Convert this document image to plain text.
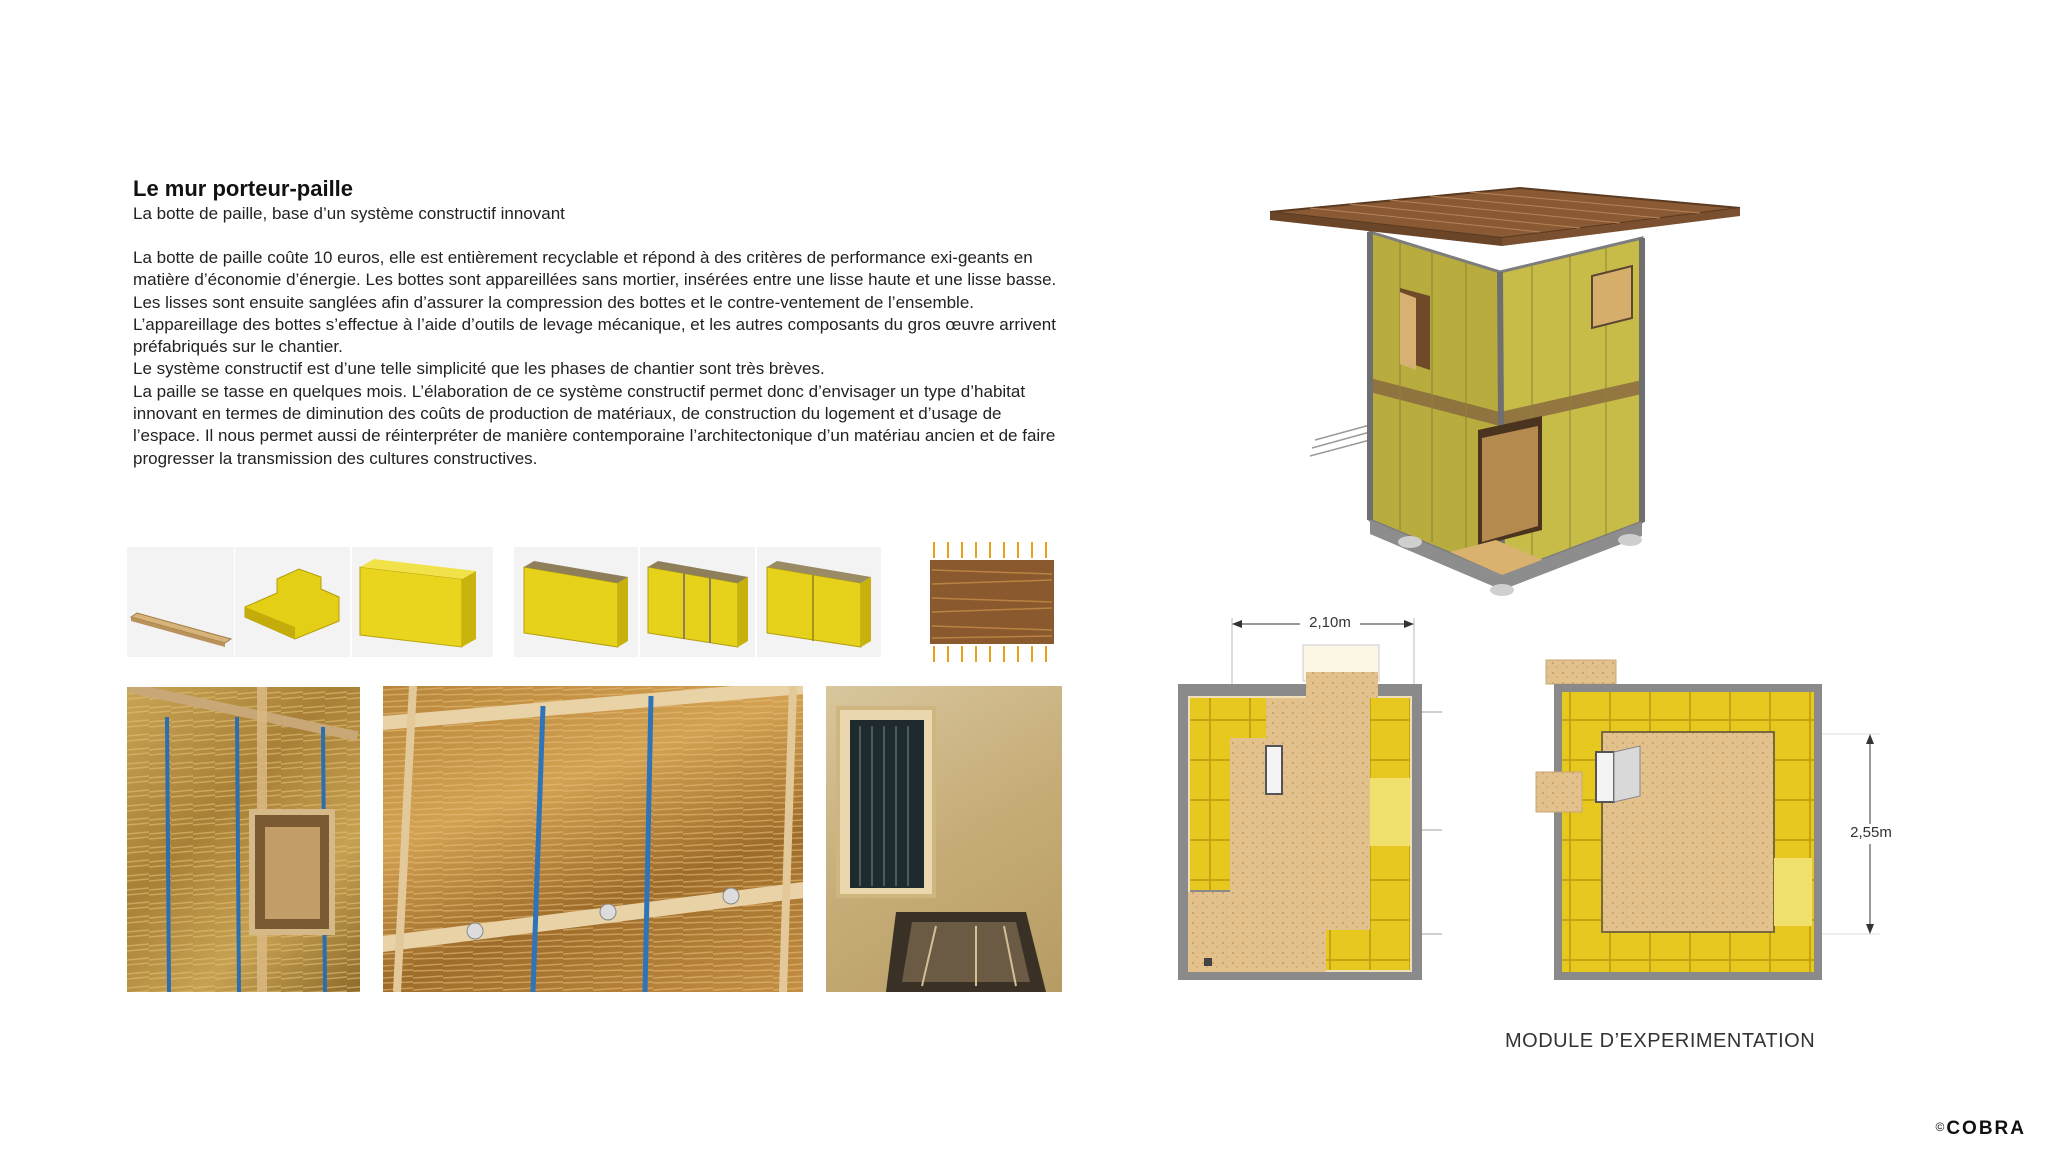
Le mur porteur-paille
La botte de paille, base d’un système constructif innovant

La botte de paille coûte 10 euros, elle est entièrement recyclable et répond à des critères de performance exi-geants en matière d’économie d’énergie. Les bottes sont appareillées sans mortier, insérées entre une lisse haute et une lisse basse. Les lisses sont ensuite sanglées afin d’assurer la compression des bottes et le contre-ventement de l’ensemble. L’appareillage des bottes s’effectue à l’aide d’outils de levage mécanique, et les autres composants du gros œuvre arrivent préfabriqués sur le chantier.

Le système constructif est d’une telle simplicité que les phases de chantier sont très brèves.

La paille se tasse en quelques mois. L’élaboration de ce système constructif permet donc d’envisager un type d’habitat innovant en termes de diminution des coûts de production de matériaux, de construction du logement et d’usage de l’espace. Il nous permet aussi de réinterpréter de manière contemporaine l’architectonique d’un matériau ancien et de faire progresser la transmission des cultures constructives.

2,10m
2,55m
MODULE D’EXPERIMENTATION
© COBRA
